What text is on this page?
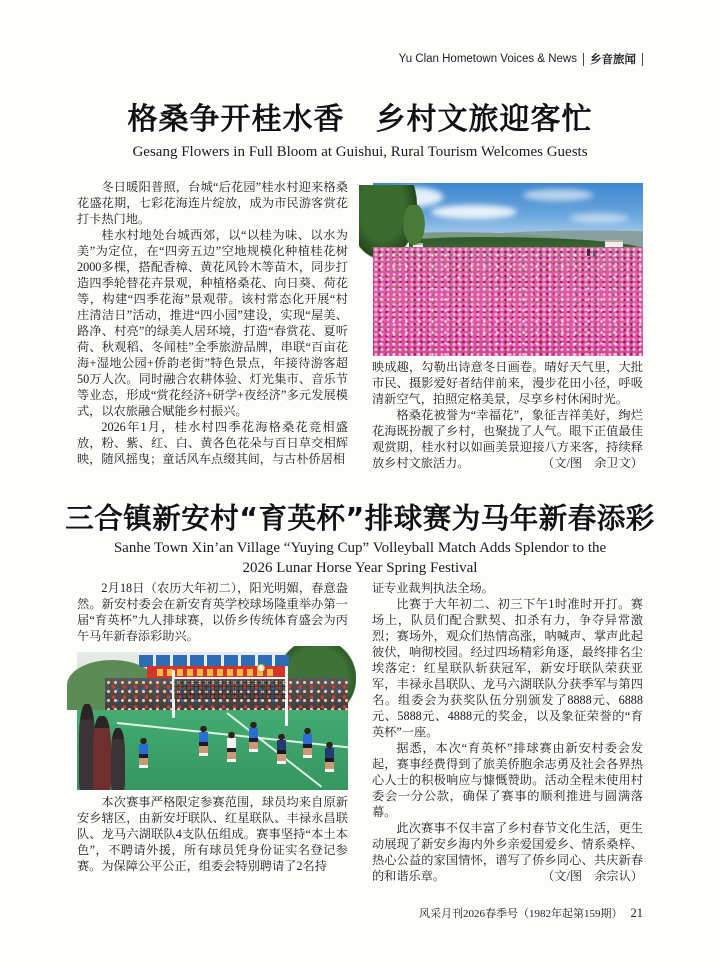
Yu Clan Hometown Voices & News 乡音旅闻
格桑争开桂水香　乡村文旅迎客忙
Gesang Flowers in Full Bloom at Guishui, Rural Tourism Welcomes Guests

冬日暖阳普照，台城“后花园”桂水村迎来格桑花盛花期，七彩花海连片绽放，成为市民游客赏花打卡热门地。

桂水村地处台城西郊，以“以桂为味、以水为美”为定位，在“四旁五边”空地规模化种植桂花树2000多棵，搭配香樟、黄花风铃木等苗木，同步打造四季轮替花卉景观，种植格桑花、向日葵、荷花等，构建“四季花海”景观带。该村常态化开展“村庄清洁日”活动，推进“四小园”建设，实现“屋美、路净、村亮”的绿美人居环境，打造“春赏花、夏听荷、秋观稻、冬闻桂”全季旅游品牌，串联“百亩花海+湿地公园+侨韵老街”特色景点，年接待游客超50万人次。同时融合农耕体验、灯光集市、音乐节等业态，形成“赏花经济+研学+夜经济”多元发展模式，以农旅融合赋能乡村振兴。

2026年1月，桂水村四季花海格桑花竞相盛放，粉、紫、红、白、黄各色花朵与百日草交相辉映，随风摇曳；童话风车点缀其间，与古朴侨居相

映成趣，勾勒出诗意冬日画卷。晴好天气里，大批市民、摄影爱好者结伴前来，漫步花田小径，呼吸清新空气，拍照定格美景，尽享乡村休闲时光。

格桑花被誉为“幸福花”，象征吉祥美好，绚烂花海既扮靓了乡村，也聚拢了人气。眼下正值最佳观赏期，桂水村以如画美景迎接八方来客，持续释放乡村文旅活力。	（文/图　余卫文）

三合镇新安村“育英杯”排球赛为马年新春添彩
Sanhe Town Xin’an Village “Yuying Cup” Volleyball Match Adds Splendor to the
2026 Lunar Horse Year Spring Festival

2月18日（农历大年初二），阳光明媚，春意盎然。新安村委会在新安育英学校球场隆重举办第一届“育英杯”九人排球赛，以侨乡传统体育盛会为丙午马年新春添彩助兴。

本次赛事严格限定参赛范围，球员均来自原新安乡辖区，由新安圩联队、红星联队、丰禄永昌联队、龙马六湖联队4支队伍组成。赛事坚持“本土本色”，不聘请外援，所有球员凭身份证实名登记参赛。为保障公平公正，组委会特别聘请了2名持

证专业裁判执法全场。

比赛于大年初二、初三下午1时准时开打。赛场上，队员们配合默契、扣杀有力，争夺异常激烈；赛场外，观众们热情高涨，呐喊声、掌声此起彼伏，响彻校园。经过四场精彩角逐，最终排名尘埃落定：红星联队斩获冠军，新安圩联队荣获亚军，丰禄永昌联队、龙马六湖联队分获季军与第四名。组委会为获奖队伍分别颁发了8888元、6888元、5888元、4888元的奖金，以及象征荣誉的“育英杯”一座。

据悉，本次“育英杯”排球赛由新安村委会发起，赛事经费得到了旅美侨胞余志勇及社会各界热心人士的积极响应与慷慨赞助。活动全程未使用村委会一分公款，确保了赛事的顺利推进与圆满落幕。

此次赛事不仅丰富了乡村春节文化生活，更生动展现了新安乡海内外乡亲爱国爱乡、情系桑梓、热心公益的家国情怀，谱写了侨乡同心、共庆新春的和谐乐章。	（文/图　余宗认）

风采月刊2026春季号（1982年起第159期） 21
